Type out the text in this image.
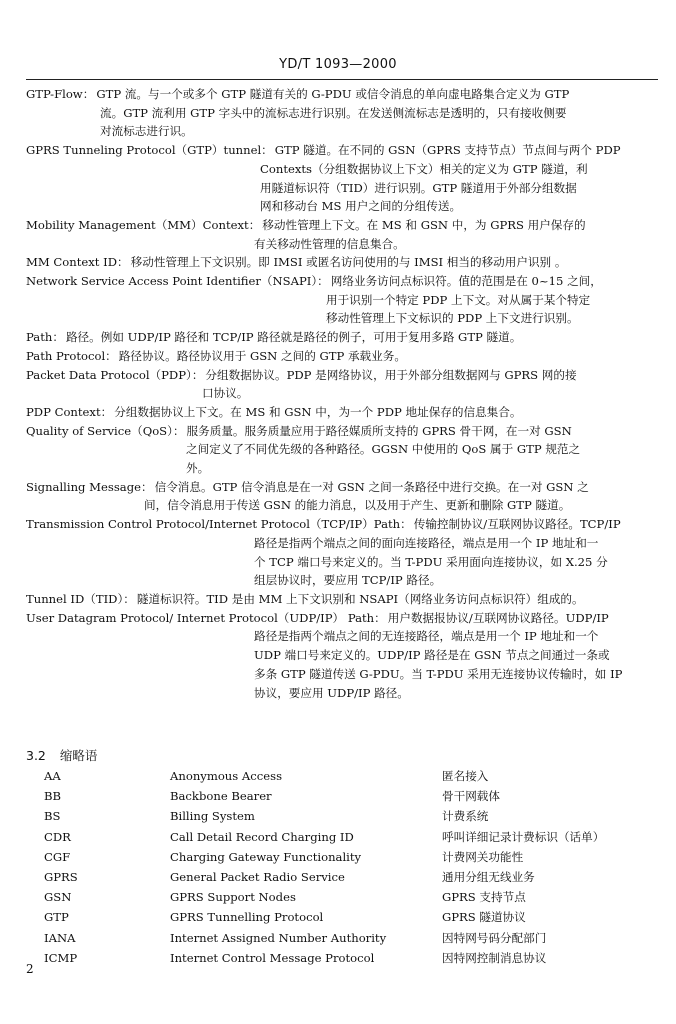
YD/T 1093—2000
GTP-Flow： GTP 流。与一个或多个 GTP 隧道有关的 G-PDU 或信令消息的单向虚电路集合定义为 GTP
流。GTP 流利用 GTP 字头中的流标志进行识别。在发送侧流标志是透明的，只有接收侧要
对流标志进行识。
GPRS Tunneling Protocol（GTP）tunnel： GTP 隧道。在不同的 GSN（GPRS 支持节点）节点间与两个 PDP
Contexts（分组数据协议上下文）相关的定义为 GTP 隧道，利
用隧道标识符（TID）进行识别。GTP 隧道用于外部分组数据
网和移动台 MS 用户之间的分组传送。
Mobility Management（MM）Context： 移动性管理上下文。在 MS 和 GSN 中，为 GPRS 用户保存的
有关移动性管理的信息集合。
MM Context ID： 移动性管理上下文识别。即 IMSI 或匿名访问使用的与 IMSI 相当的移动用户识别 。
Network Service Access Point Identifier（NSAPI）： 网络业务访问点标识符。值的范围是在 0~15 之间，
用于识别一个特定 PDP 上下文。对从属于某个特定
移动性管理上下文标识的 PDP 上下文进行识别。
Path： 路径。例如 UDP/IP 路径和 TCP/IP 路径就是路径的例子，可用于复用多路 GTP 隧道。
Path Protocol： 路径协议。路径协议用于 GSN 之间的 GTP 承载业务。
Packet Data Protocol（PDP）： 分组数据协议。PDP 是网络协议，用于外部分组数据网与 GPRS 网的接
口协议。
PDP Context： 分组数据协议上下文。在 MS 和 GSN 中，为一个 PDP 地址保存的信息集合。
Quality of Service（QoS）： 服务质量。服务质量应用于路径媒质所支持的 GPRS 骨干网，在一对 GSN
之间定义了不同优先级的各种路径。GGSN 中使用的 QoS 属于 GTP 规范之
外。
Signalling Message： 信令消息。GTP 信令消息是在一对 GSN 之间一条路径中进行交换。在一对 GSN 之
间，信令消息用于传送 GSN 的能力消息，以及用于产生、更新和删除 GTP 隧道。
Transmission Control Protocol/Internet Protocol（TCP/IP）Path： 传输控制协议/互联网协议路径。TCP/IP
路径是指两个端点之间的面向连接路径，端点是用一个 IP 地址和一
个 TCP 端口号来定义的。当 T-PDU 采用面向连接协议，如 X.25 分
组层协议时，要应用 TCP/IP 路径。
Tunnel ID（TID）： 隧道标识符。TID 是由 MM 上下文识别和 NSAPI（网络业务访问点标识符）组成的。
User Datagram Protocol/ Internet Protocol（UDP/IP） Path： 用户数据报协议/互联网协议路径。UDP/IP
路径是指两个端点之间的无连接路径，端点是用一个 IP 地址和一个
UDP 端口号来定义的。UDP/IP 路径是在 GSN 节点之间通过一条或
多条 GTP 隧道传送 G-PDU。当 T-PDU 采用无连接协议传输时，如 IP
协议，要应用 UDP/IP 路径。
3.2 缩略语
AA	Anonymous Access	匿名接入
BB	Backbone Bearer	骨干网载体
BS	Billing System	计费系统
CDR	Call Detail Record Charging ID	呼叫详细记录计费标识（话单）
CGF	Charging Gateway Functionality	计费网关功能性
GPRS	General Packet Radio Service	通用分组无线业务
GSN	GPRS Support Nodes	GPRS 支持节点
GTP	GPRS Tunnelling Protocol	GPRS 隧道协议
IANA	Internet Assigned Number Authority	因特网号码分配部门
ICMP	Internet Control Message Protocol	因特网控制消息协议
2
